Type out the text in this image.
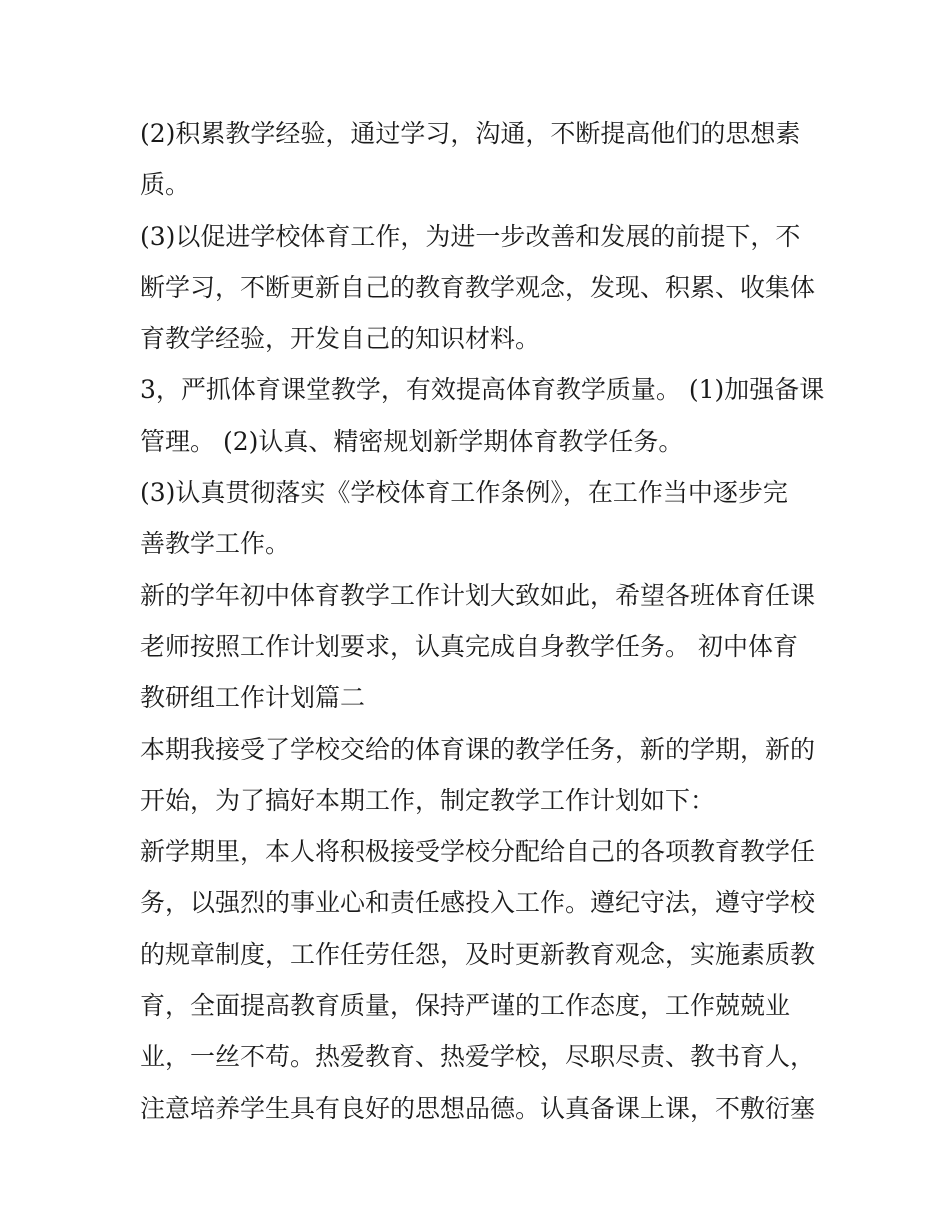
(2)积累教学经验，通过学习，沟通，不断提高他们的思想素
质。
(3)以促进学校体育工作，为进一步改善和发展的前提下，不
断学习，不断更新自己的教育教学观念，发现、积累、收集体
育教学经验，开发自己的知识材料。
3，严抓体育课堂教学，有效提高体育教学质量。 (1)加强备课
管理。 (2)认真、精密规划新学期体育教学任务。
(3)认真贯彻落实《学校体育工作条例》，在工作当中逐步完
善教学工作。
新的学年初中体育教学工作计划大致如此，希望各班体育任课
老师按照工作计划要求，认真完成自身教学任务。 初中体育
教研组工作计划篇二
本期我接受了学校交给的体育课的教学任务，新的学期，新的
开始，为了搞好本期工作，制定教学工作计划如下：
新学期里，本人将积极接受学校分配给自己的各项教育教学任
务，以强烈的事业心和责任感投入工作。遵纪守法，遵守学校
的规章制度，工作任劳任怨，及时更新教育观念，实施素质教
育，全面提高教育质量，保持严谨的工作态度，工作兢兢业
业，一丝不苟。热爱教育、热爱学校，尽职尽责、教书育人，
注意培养学生具有良好的思想品德。认真备课上课，不敷衍塞
